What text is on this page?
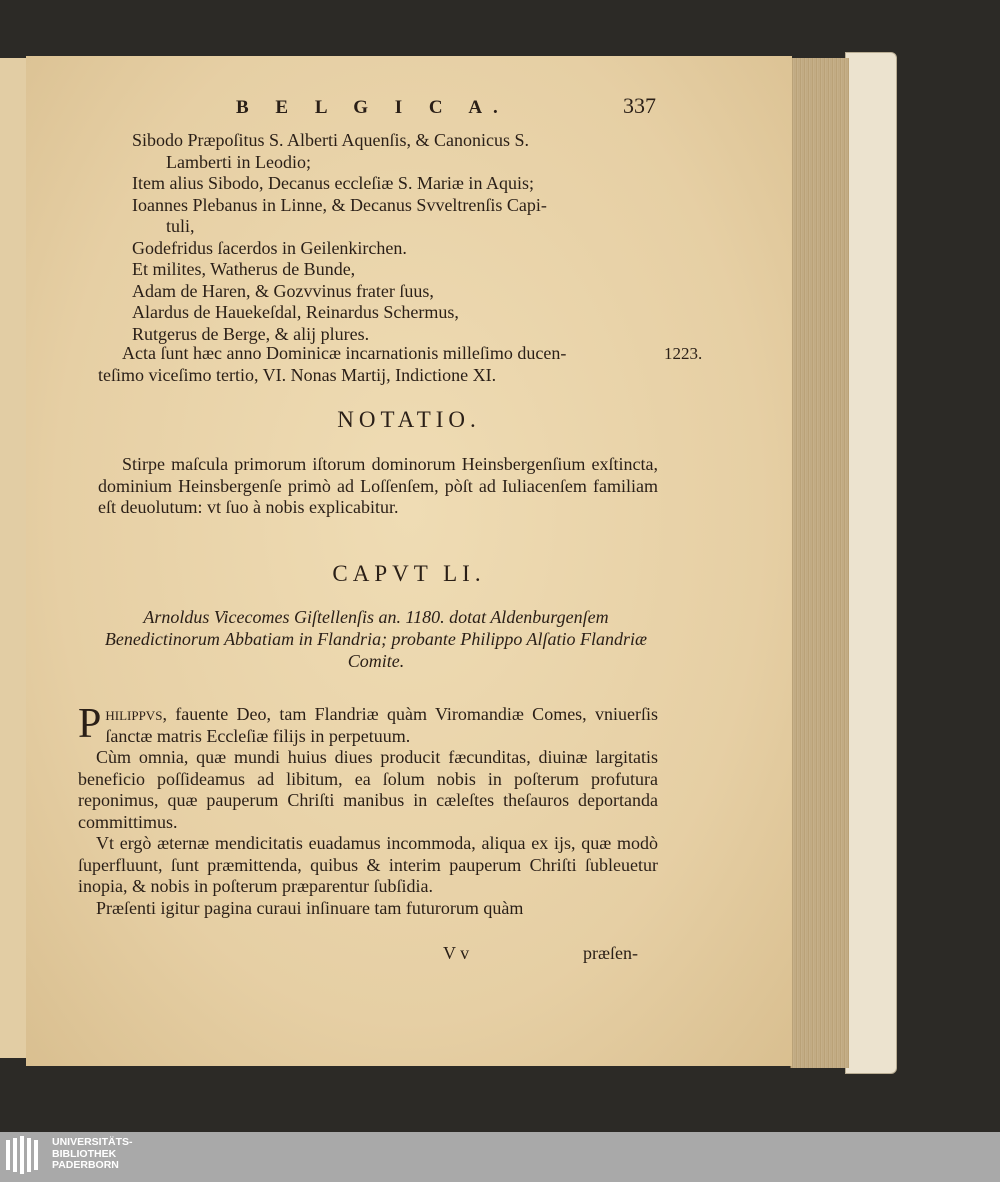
B E L G I C A.	337
Sibodo Præpoſitus S. Alberti Aquenſis, & Canonicus S.
Lamberti in Leodio;
Item alius Sibodo, Decanus eccleſiæ S. Mariæ in Aquis;
Ioannes Plebanus in Linne, & Decanus Svveltrenſis Capi-
tuli,
Godefridus ſacerdos in Geilenkirchen.
Et milites, Watherus de Bunde,
Adam de Haren, & Gozvvinus frater ſuus,
Alardus de Hauekeſdal, Reinardus Schermus,
Rutgerus de Berge, & alij plures.
Acta ſunt hæc anno Dominicæ incarnationis milleſimo ducen-
teſimo viceſimo tertio, VI. Nonas Martij, Indictione XI.
1223.
NOTATIO.
Stirpe maſcula primorum iſtorum dominorum Heinsbergenſium exſtincta, dominium Heinsbergenſe primò ad Loſſenſem, pòſt ad Iuliacenſem familiam eſt deuolutum: vt ſuo à nobis explicabitur.
CAPVT LI.
Arnoldus Vicecomes Giſtellenſis an. 1180. dotat Aldenburgenſem Benedictinorum Abbatiam in Flandria; probante Philippo Alſatio Flandriæ Comite.

Philippvs, fauente Deo, tam Flandriæ quàm Viromandiæ Comes, vniuerſis ſanctæ matris Eccleſiæ filijs in perpetuum.

Cùm omnia, quæ mundi huius diues producit fæcunditas, diuinæ largitatis beneficio poſſideamus ad libitum, ea ſolum nobis in poſterum profutura reponimus, quæ pauperum Chriſti manibus in cæleſtes theſauros deportanda committimus.

Vt ergò æternæ mendicitatis euadamus incommoda, aliqua ex ijs, quæ modò ſuperfluunt, ſunt præmittenda, quibus & interim pauperum Chriſti ſubleuetur inopia, & nobis in poſterum præparentur ſubſidia.

Præſenti igitur pagina curaui inſinuare tam futurorum quàm

V v	præſen-
UNIVERSITÄTS-
BIBLIOTHEK
PADERBORN
